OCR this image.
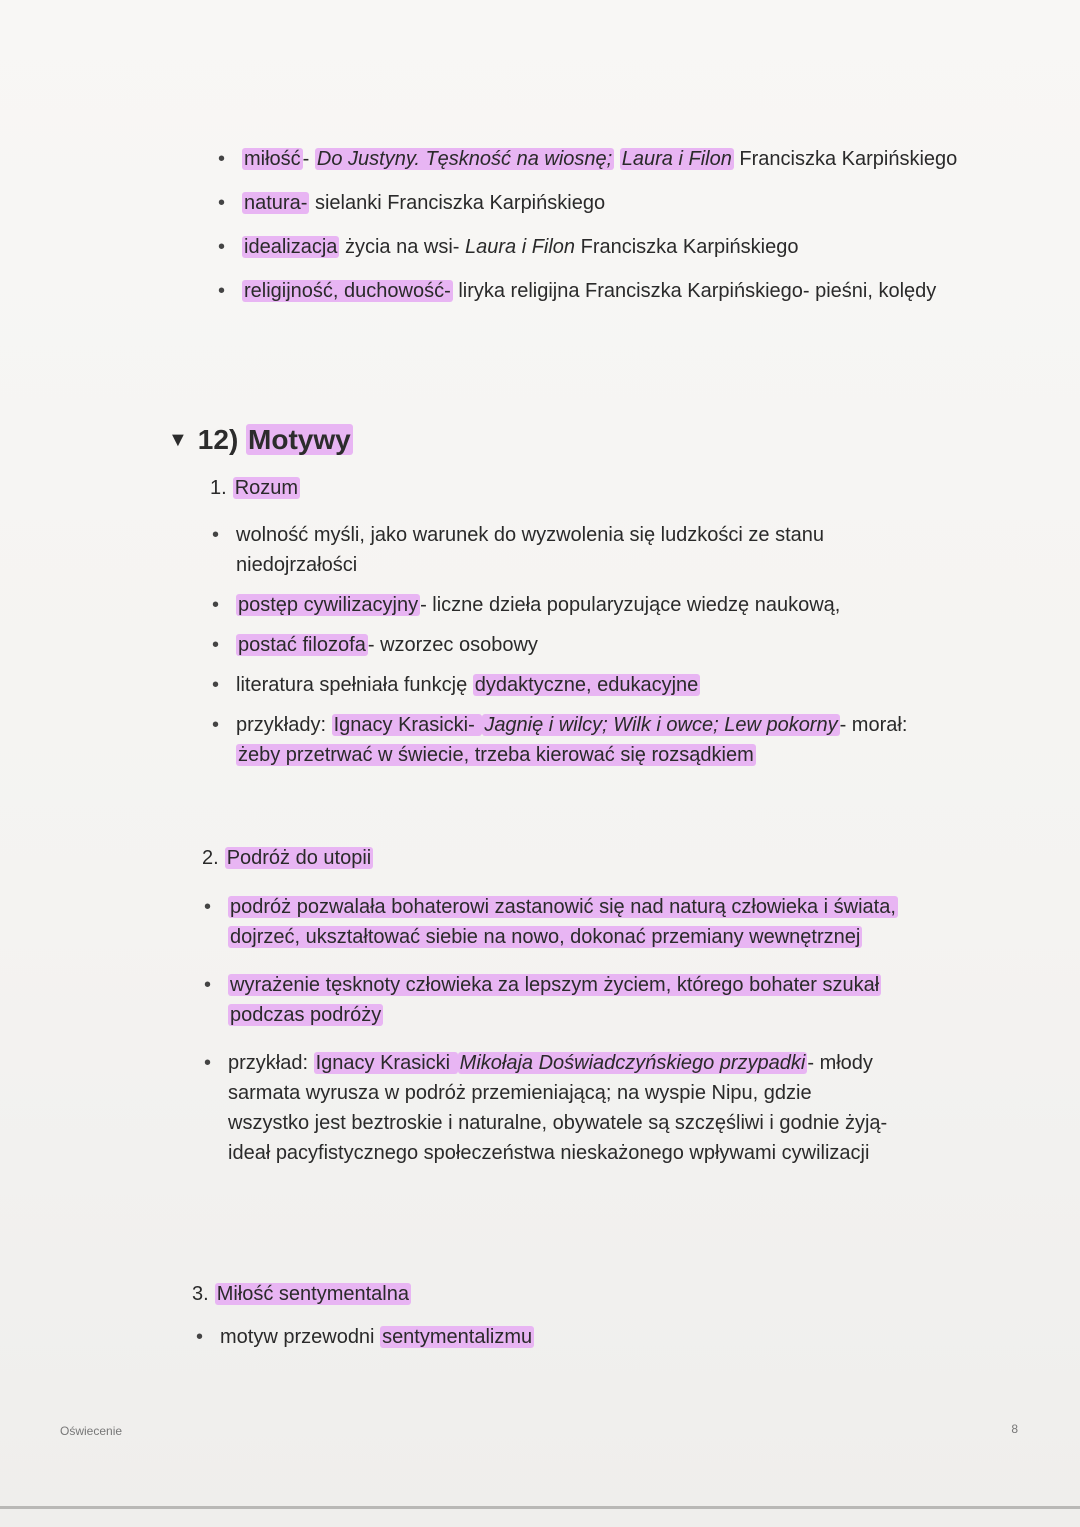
• miłość - Do Justyny. Tęskność na wiosnę; Laura i Filon Franciszka Karpińskiego
• natura- sielanki Franciszka Karpińskiego
• idealizacja życia na wsi- Laura i Filon Franciszka Karpińskiego
• religijność, duchowość- liryka religijna Franciszka Karpińskiego- pieśni, kolędy
▼ 12) Motywy
1. Rozum
• wolność myśli, jako warunek do wyzwolenia się ludzkości ze stanu niedojrzałości
• postęp cywilizacyjny - liczne dzieła popularyzujące wiedzę naukową,
• postać filozofa - wzorzec osobowy
• literatura spełniała funkcję dydaktyczne, edukacyjne
• przykłady: Ignacy Krasicki- Jagnię i wilcy; Wilk i owce; Lew pokorny - morał: żeby przetrwać w świecie, trzeba kierować się rozsądkiem
2. Podróż do utopii
• podróż pozwalała bohaterowi zastanowić się nad naturą człowieka i świata, dojrzeć, ukształtować siebie na nowo, dokonać przemiany wewnętrznej
• wyrażenie tęsknoty człowieka za lepszym życiem, którego bohater szukał podczas podróży
• przykład: Ignacy Krasicki Mikołaja Doświadczyńskiego przypadki - młody sarmata wyrusza w podróż przemieniającą; na wyspie Nipu, gdzie wszystko jest beztroskie i naturalne, obywatele są szczęśliwi i godnie żyją- ideał pacyfistycznego społeczeństwa nieskażonego wpływami cywilizacji
3. Miłość sentymentalna
• motyw przewodni sentymentalizmu
Oświecenie	8
